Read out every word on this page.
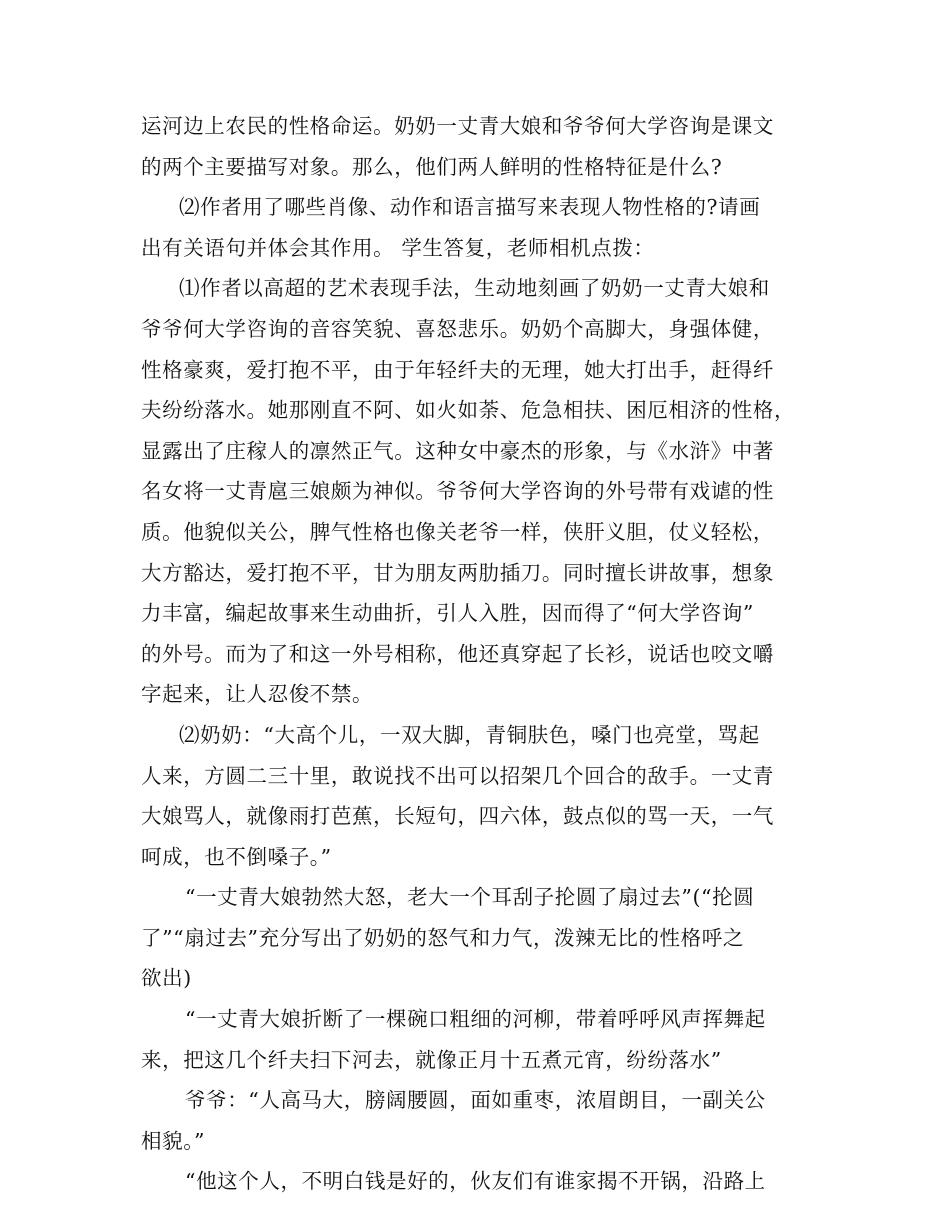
运河边上农民的性格命运。奶奶一丈青大娘和爷爷何大学咨询是课文
的两个主要描写对象。那么，他们两人鲜明的性格特征是什么?
⑵作者用了哪些肖像、动作和语言描写来表现人物性格的?请画
出有关语句并体会其作用。 学生答复，老师相机点拨：
⑴作者以高超的艺术表现手法，生动地刻画了奶奶一丈青大娘和
爷爷何大学咨询的音容笑貌、喜怒悲乐。奶奶个高脚大，身强体健，
性格豪爽，爱打抱不平，由于年轻纤夫的无理，她大打出手，赶得纤
夫纷纷落水。她那刚直不阿、如火如荼、危急相扶、困厄相济的性格，
显露出了庄稼人的凛然正气。这种女中豪杰的形象，与《水浒》中著
名女将一丈青扈三娘颇为神似。爷爷何大学咨询的外号带有戏谑的性
质。他貌似关公，脾气性格也像关老爷一样，侠肝义胆，仗义轻松，
大方豁达，爱打抱不平，甘为朋友两肋插刀。同时擅长讲故事，想象
力丰富，编起故事来生动曲折，引人入胜，因而得了“何大学咨询”
的外号。而为了和这一外号相称，他还真穿起了长衫，说话也咬文嚼
字起来，让人忍俊不禁。
⑵奶奶：“大高个儿，一双大脚，青铜肤色，嗓门也亮堂，骂起
人来，方圆二三十里，敢说找不出可以招架几个回合的敌手。一丈青
大娘骂人，就像雨打芭蕉，长短句，四六体，鼓点似的骂一天，一气
呵成，也不倒嗓子。”
“一丈青大娘勃然大怒，老大一个耳刮子抡圆了扇过去”(“抡圆
了”“扇过去”充分写出了奶奶的怒气和力气，泼辣无比的性格呼之
欲出)
“一丈青大娘折断了一棵碗口粗细的河柳，带着呼呼风声挥舞起
来，把这几个纤夫扫下河去，就像正月十五煮元宵，纷纷落水”
爷爷：“人高马大，膀阔腰圆，面如重枣，浓眉朗目，一副关公
相貌。”
“他这个人，不明白钱是好的，伙友们有谁家揭不开锅，沿路上
